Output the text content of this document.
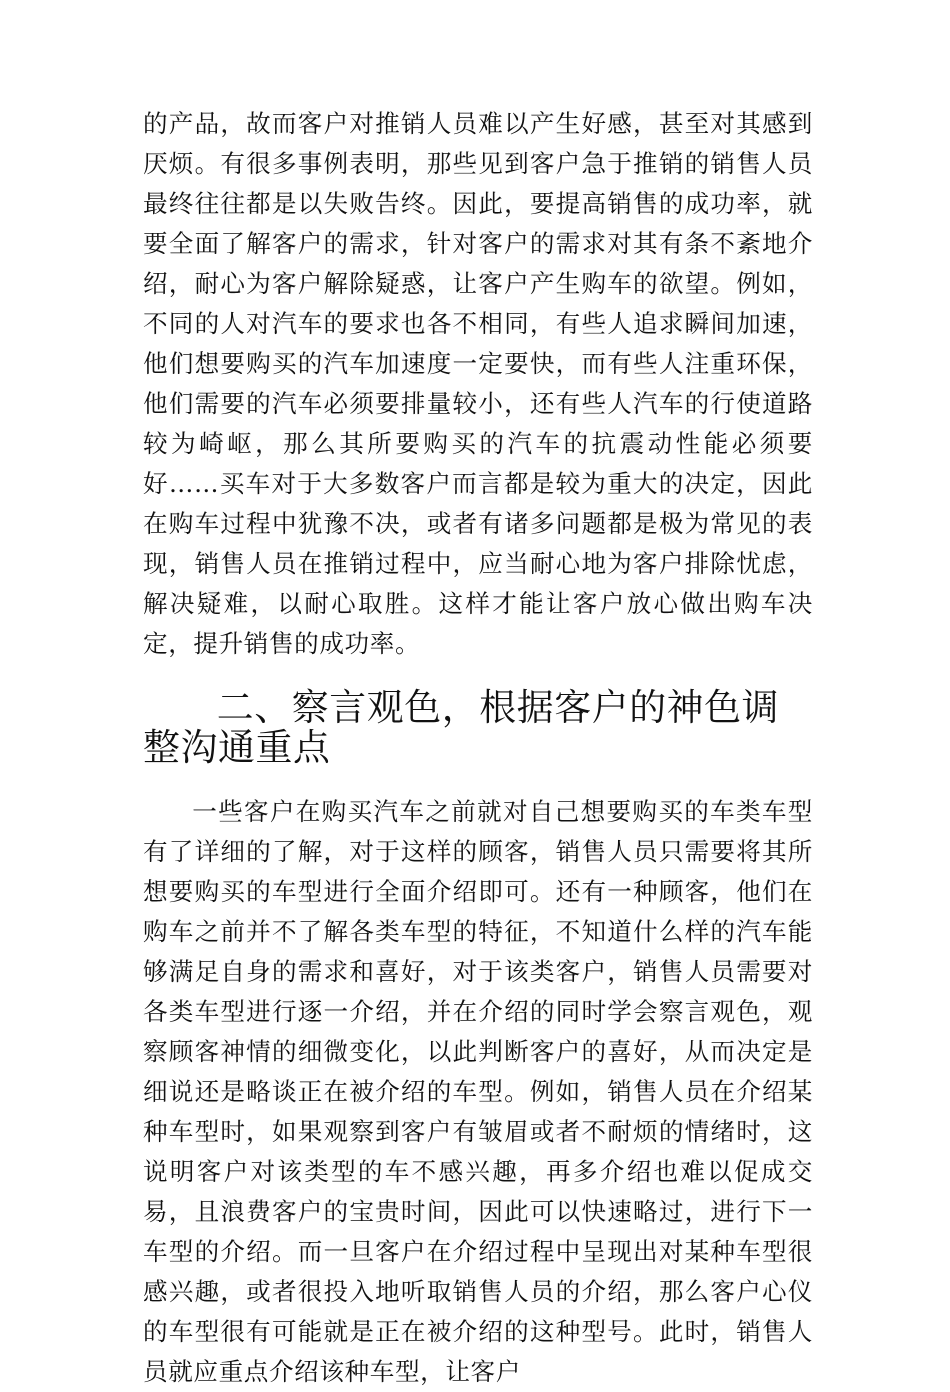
的产品，故而客户对推销人员难以产生好感，甚至对其感到厌烦。有很多事例表明，那些见到客户急于推销的销售人员最终往往都是以失败告终。因此，要提高销售的成功率，就要全面了解客户的需求，针对客户的需求对其有条不紊地介绍，耐心为客户解除疑惑，让客户产生购车的欲望。例如，不同的人对汽车的要求也各不相同，有些人追求瞬间加速，他们想要购买的汽车加速度一定要快，而有些人注重环保，他们需要的汽车必须要排量较小，还有些人汽车的行使道路较为崎岖，那么其所要购买的汽车的抗震动性能必须要好……买车对于大多数客户而言都是较为重大的决定，因此在购车过程中犹豫不决，或者有诸多问题都是极为常见的表现，销售人员在推销过程中，应当耐心地为客户排除忧虑，解决疑难，以耐心取胜。这样才能让客户放心做出购车决定，提升销售的成功率。

二、察言观色，根据客户的神色调整沟通重点

一些客户在购买汽车之前就对自己想要购买的车类车型有了详细的了解，对于这样的顾客，销售人员只需要将其所想要购买的车型进行全面介绍即可。还有一种顾客，他们在购车之前并不了解各类车型的特征，不知道什么样的汽车能够满足自身的需求和喜好，对于该类客户，销售人员需要对各类车型进行逐一介绍，并在介绍的同时学会察言观色，观察顾客神情的细微变化，以此判断客户的喜好，从而决定是细说还是略谈正在被介绍的车型。例如，销售人员在介绍某种车型时，如果观察到客户有皱眉或者不耐烦的情绪时，这说明客户对该类型的车不感兴趣，再多介绍也难以促成交易，且浪费客户的宝贵时间，因此可以快速略过，进行下一车型的介绍。而一旦客户在介绍过程中呈现出对某种车型很感兴趣，或者很投入地听取销售人员的介绍，那么客户心仪的车型很有可能就是正在被介绍的这种型号。此时，销售人员就应重点介绍该种车型，让客户
